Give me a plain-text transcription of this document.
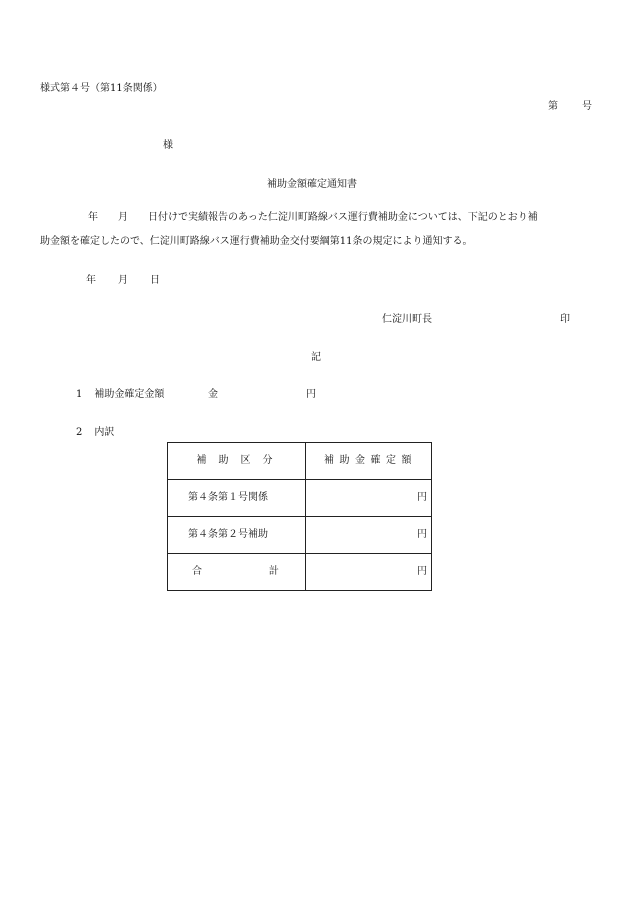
様式第４号（第11条関係）
第 号
様
補助金額確定通知書

年 月 日付けで実績報告のあった仁淀川町路線バス運行費補助金については、下記のとおり補

助金額を確定したので、仁淀川町路線バス運行費補助金交付要綱第11条の規定により通知する。

年 月 日
仁淀川町長	印
記
1 補助金確定金額	金	円
2 内訳
補助区分	補助金確定額
第４条第１号関係	円
第４条第２号補助	円

合 計	円
